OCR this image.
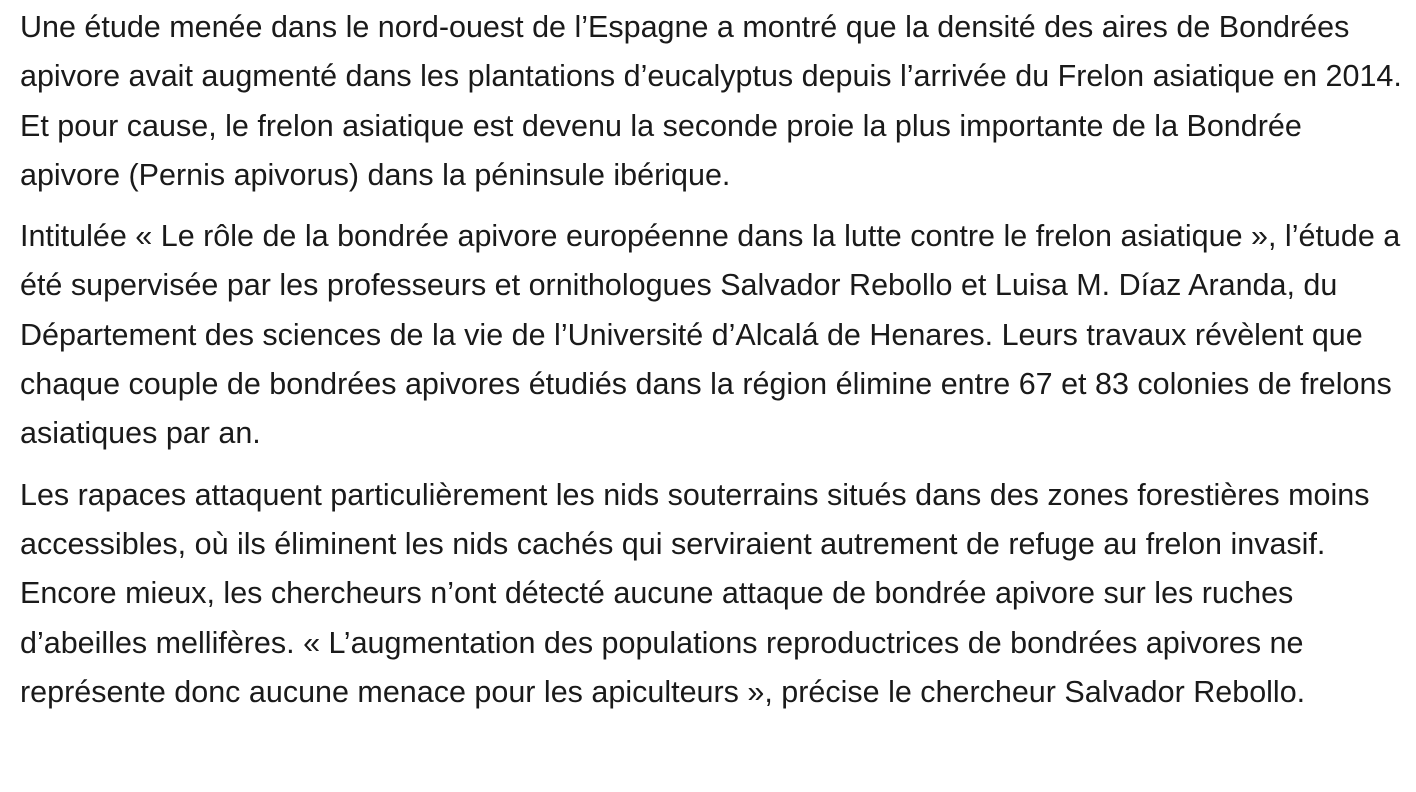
Une étude menée dans le nord-ouest de l’Espagne a montré que la densité des aires de Bondrées apivore avait augmenté dans les plantations d’eucalyptus depuis l’arrivée du Frelon asiatique en 2014. Et pour cause, le frelon asiatique est devenu la seconde proie la plus importante de la Bondrée apivore (Pernis apivorus) dans la péninsule ibérique.

Intitulée « Le rôle de la bondrée apivore européenne dans la lutte contre le frelon asiatique », l’étude a été supervisée par les professeurs et ornithologues Salvador Rebollo et Luisa M. Díaz Aranda, du Département des sciences de la vie de l’Université d’Alcalá de Henares. Leurs travaux révèlent que chaque couple de bondrées apivores étudiés dans la région élimine entre 67 et 83 colonies de frelons asiatiques par an.

Les rapaces attaquent particulièrement les nids souterrains situés dans des zones forestières moins accessibles, où ils éliminent les nids cachés qui serviraient autrement de refuge au frelon invasif. Encore mieux, les chercheurs n’ont détecté aucune attaque de bondrée apivore sur les ruches d’abeilles mellifères. « L’augmentation des populations reproductrices de bondrées apivores ne représente donc aucune menace pour les apiculteurs », précise le chercheur Salvador Rebollo.
